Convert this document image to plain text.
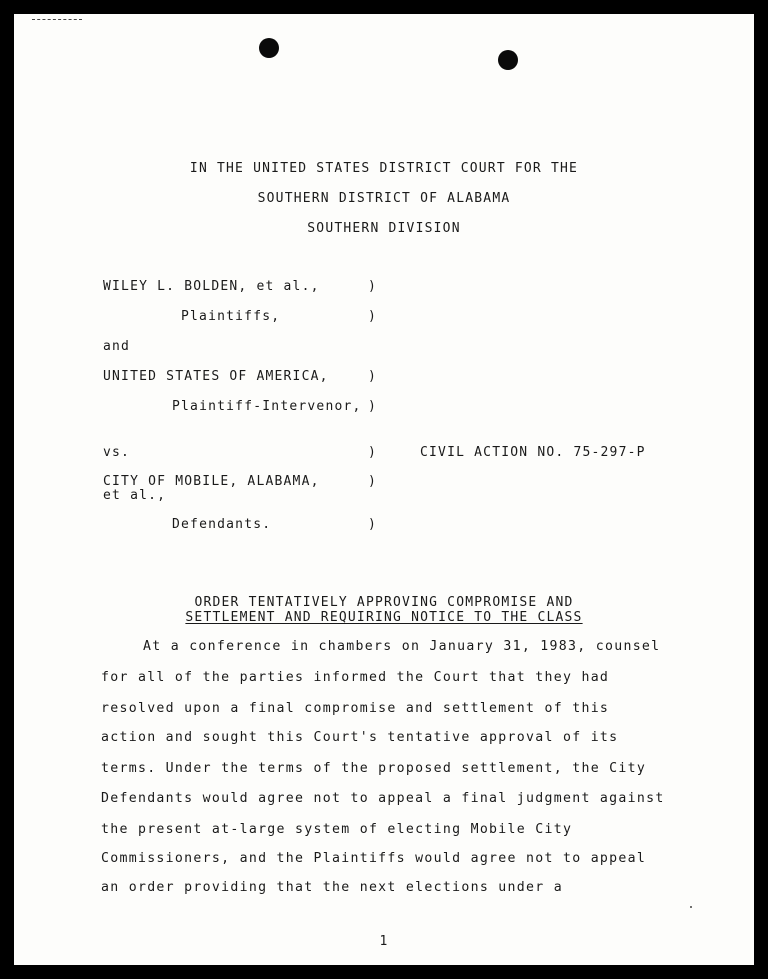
IN THE UNITED STATES DISTRICT COURT FOR THE
SOUTHERN DISTRICT OF ALABAMA
SOUTHERN DIVISION
WILEY L. BOLDEN, et al.,	)
Plaintiffs,	)
and
UNITED STATES OF AMERICA,	)
Plaintiff-Intervenor, )
vs.	)	CIVIL ACTION NO. 75-297-P
CITY OF MOBILE, ALABAMA,	)
et al.,
Defendants.	)
ORDER TENTATIVELY APPROVING COMPROMISE AND
SETTLEMENT AND REQUIRING NOTICE TO THE CLASS
At a conference in chambers on January 31, 1983, counsel
for all of the parties informed the Court that they had
resolved upon a final compromise and settlement of this
action and sought this Court's tentative approval of its
terms. Under the terms of the proposed settlement, the City
Defendants would agree not to appeal a final judgment against
the present at-large system of electing Mobile City
Commissioners, and the Plaintiffs would agree not to appeal
an order providing that the next elections under a
1
